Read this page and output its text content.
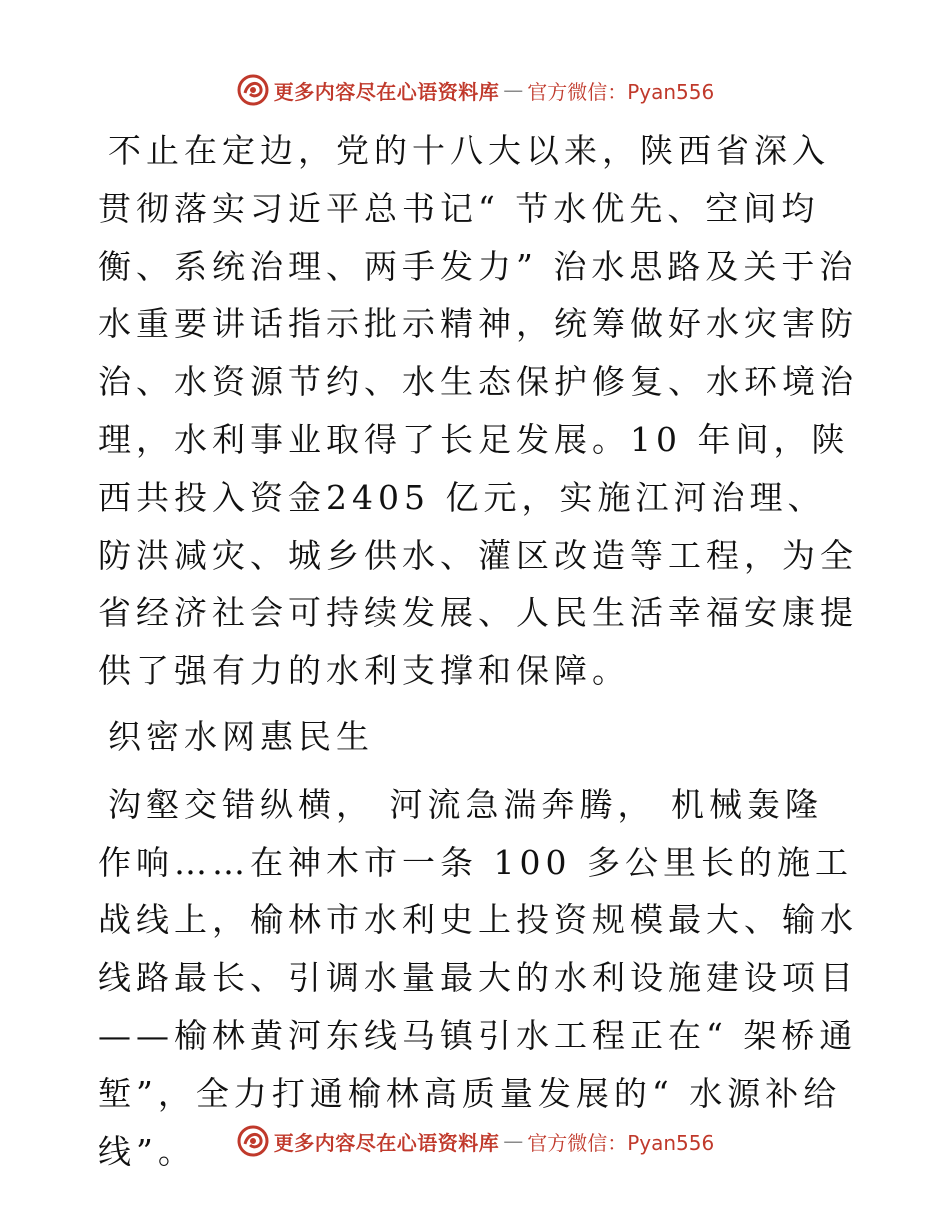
更多内容尽在心语资料库 — 官方微信：Pyan556

不止在定边，党的十八大以来，陕西省深入贯彻落实习近平总书记“ 节水优先、空间均衡、系统治理、两手发力” 治水思路及关于治水重要讲话指示批示精神，统筹做好水灾害防治、水资源节约、水生态保护修复、水环境治理，水利事业取得了长足发展。10 年间，陕西共投入资金2405 亿元，实施江河治理、防洪减灾、城乡供水、灌区改造等工程，为全省经济社会可持续发展、人民生活幸福安康提供了强有力的水利支撑和保障。

织密水网惠民生

沟壑交错纵横， 河流急湍奔腾， 机械轰隆作响……在神木市一条 100 多公里长的施工战线上，榆林市水利史上投资规模最大、输水线路最长、引调水量最大的水利设施建设项目——榆林黄河东线马镇引水工程正在“ 架桥通堑”，全力打通榆林高质量发展的“ 水源补给线”。	更多内容尽在心语资料库 — 官方微信：Pyan556
